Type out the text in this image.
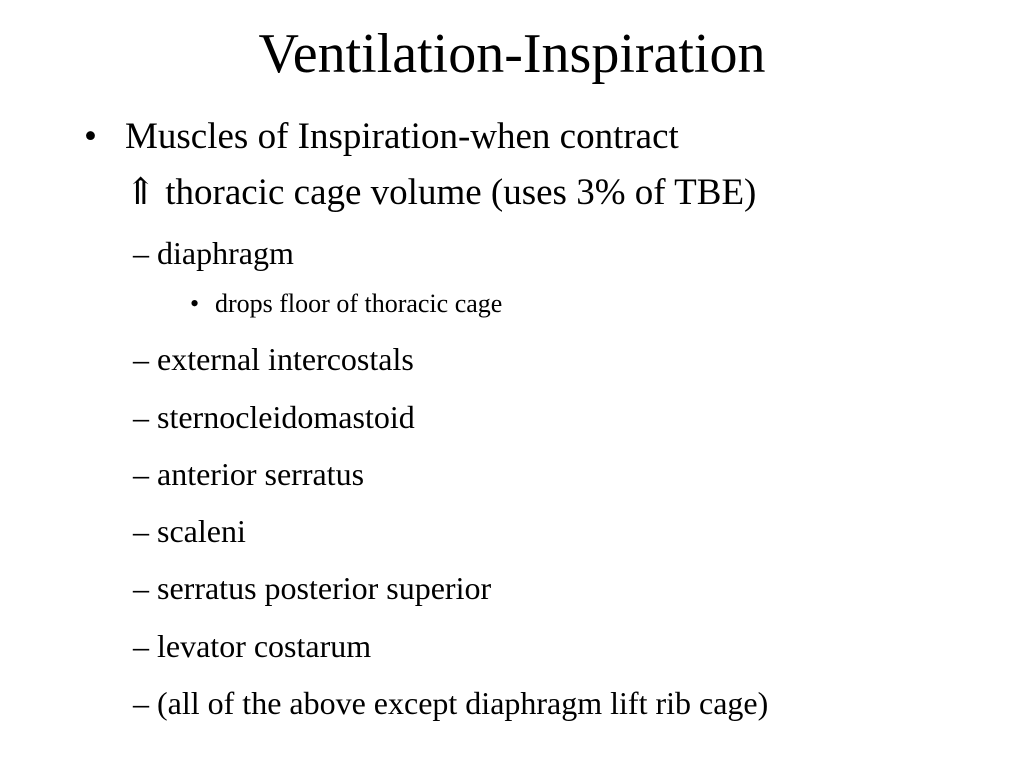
Ventilation-Inspiration
• Muscles of Inspiration-when contract
⇑ thoracic cage volume (uses 3% of TBE)
– diaphragm
• drops floor of thoracic cage
– external intercostals
– sternocleidomastoid
– anterior serratus
– scaleni
– serratus posterior superior
– levator costarum
– (all of the above except diaphragm lift rib cage)
